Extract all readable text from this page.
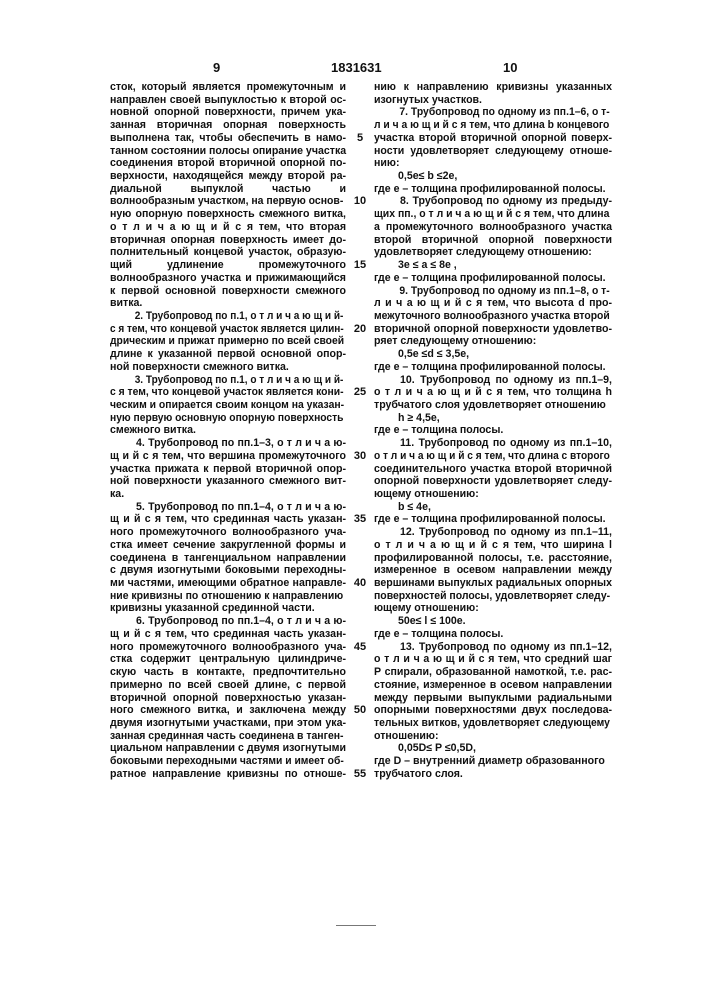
9	1831631	10
сток, который является промежуточным и
направлен своей выпуклостью к второй ос-
новной опорной поверхности, причем ука-
занная вторичная опорная поверхность
выполнена так, чтобы обеспечить в намо-
танном состоянии полосы опирание участка
соединения второй вторичной опорной по-
верхности, находящейся между второй ра-
диальной выпуклой частью и
волнообразным участком, на первую основ-
ную опорную поверхность смежного витка,
о т л и ч а ю щ и й с я тем, что вторая
вторичная опорная поверхность имеет до-
полнительный концевой участок, образую-
щий удлинение промежуточного
волнообразного участка и прижимающийся
к первой основной поверхности смежного
витка.
2. Трубопровод по п.1, о т л и ч а ю щ и й-
с я тем, что концевой участок является цилин-
дрическим и прижат примерно по всей своей
длине к указанной первой основной опор-
ной поверхности смежного витка.
3. Трубопровод по п.1, о т л и ч а ю щ и й-
с я тем, что концевой участок является кони-
ческим и опирается своим концом на указан-
ную первую основную опорную поверхность
смежного витка.
4. Трубопровод по пп.1–3, о т л и ч а ю-
щ и й с я тем, что вершина промежуточного
участка прижата к первой вторичной опор-
ной поверхности указанного смежного вит-
ка.
5. Трубопровод по пп.1–4, о т л и ч а ю-
щ и й с я тем, что срединная часть указан-
ного промежуточного волнообразного уча-
стка имеет сечение закругленной формы и
соединена в тангенциальном направлении
с двумя изогнутыми боковыми переходны-
ми частями, имеющими обратное направле-
ние кривизны по отношению к направлению
кривизны указанной срединной части.
6. Трубопровод по пп.1–4, о т л и ч а ю-
щ и й с я тем, что срединная часть указан-
ного промежуточного волнообразного уча-
стка содержит центральную цилиндриче-
скую часть в контакте, предпочтительно
примерно по всей своей длине, с первой
вторичной опорной поверхностью указан-
ного смежного витка, и заключена между
двумя изогнутыми участками, при этом ука-
занная срединная часть соединена в танген-
циальном направлении с двумя изогнутыми
боковыми переходными частями и имеет об-
ратное направление кривизны по отноше-
нию к направлению кривизны указанных
изогнутых участков.
7. Трубопровод по одному из пп.1–6, о т-
л и ч а ю щ и й с я тем, что длина b концевого
участка второй вторичной опорной поверх-
ности удовлетворяет следующему отноше-
нию:
0,5e≤ b ≤2e,
где e – толщина профилированной полосы.
8. Трубопровод по одному из предыду-
щих пп., о т л и ч а ю щ и й с я тем, что длина
а промежуточного волнообразного участка
второй вторичной опорной поверхности
удовлетворяет следующему отношению:
3e ≤ a ≤ 8e ,
где e – толщина профилированной полосы.
9. Трубопровод по одному из пп.1–8, о т-
л и ч а ю щ и й с я тем, что высота d про-
межуточного волнообразного участка второй
вторичной опорной поверхности удовлетво-
ряет следующему отношению:
0,5e ≤d ≤ 3,5e,
где e – толщина профилированной полосы.
10. Трубопровод по одному из пп.1–9,
о т л и ч а ю щ и й с я тем, что толщина h
трубчатого слоя удовлетворяет отношению
h ≥ 4,5e,
где e – толщина полосы.
11. Трубопровод по одному из пп.1–10,
о т л и ч а ю щ и й с я тем, что длина с второго
соединительного участка второй вторичной
опорной поверхности удовлетворяет следу-
ющему отношению:
b ≤ 4e,
где e – толщина профилированной полосы.
12. Трубопровод по одному из пп.1–11,
о т л и ч а ю щ и й с я тем, что ширина l
профилированной полосы, т.е. расстояние,
измеренное в осевом направлении между
вершинами выпуклых радиальных опорных
поверхностей полосы, удовлетворяет следу-
ющему отношению:
50e≤ l ≤ 100e.
где e – толщина полосы.
13. Трубопровод по одному из пп.1–12,
о т л и ч а ю щ и й с я тем, что средний шаг
P спирали, образованной намоткой, т.е. рас-
стояние, измеренное в осевом направлении
между первыми выпуклыми радиальными
опорными поверхностями двух последова-
тельных витков, удовлетворяет следующему
отношению:
0,05D≤ P ≤0,5D,
где D – внутренний диаметр образованного
трубчатого слоя.
5
10
15
20
25
30
35
40
45
50
55
